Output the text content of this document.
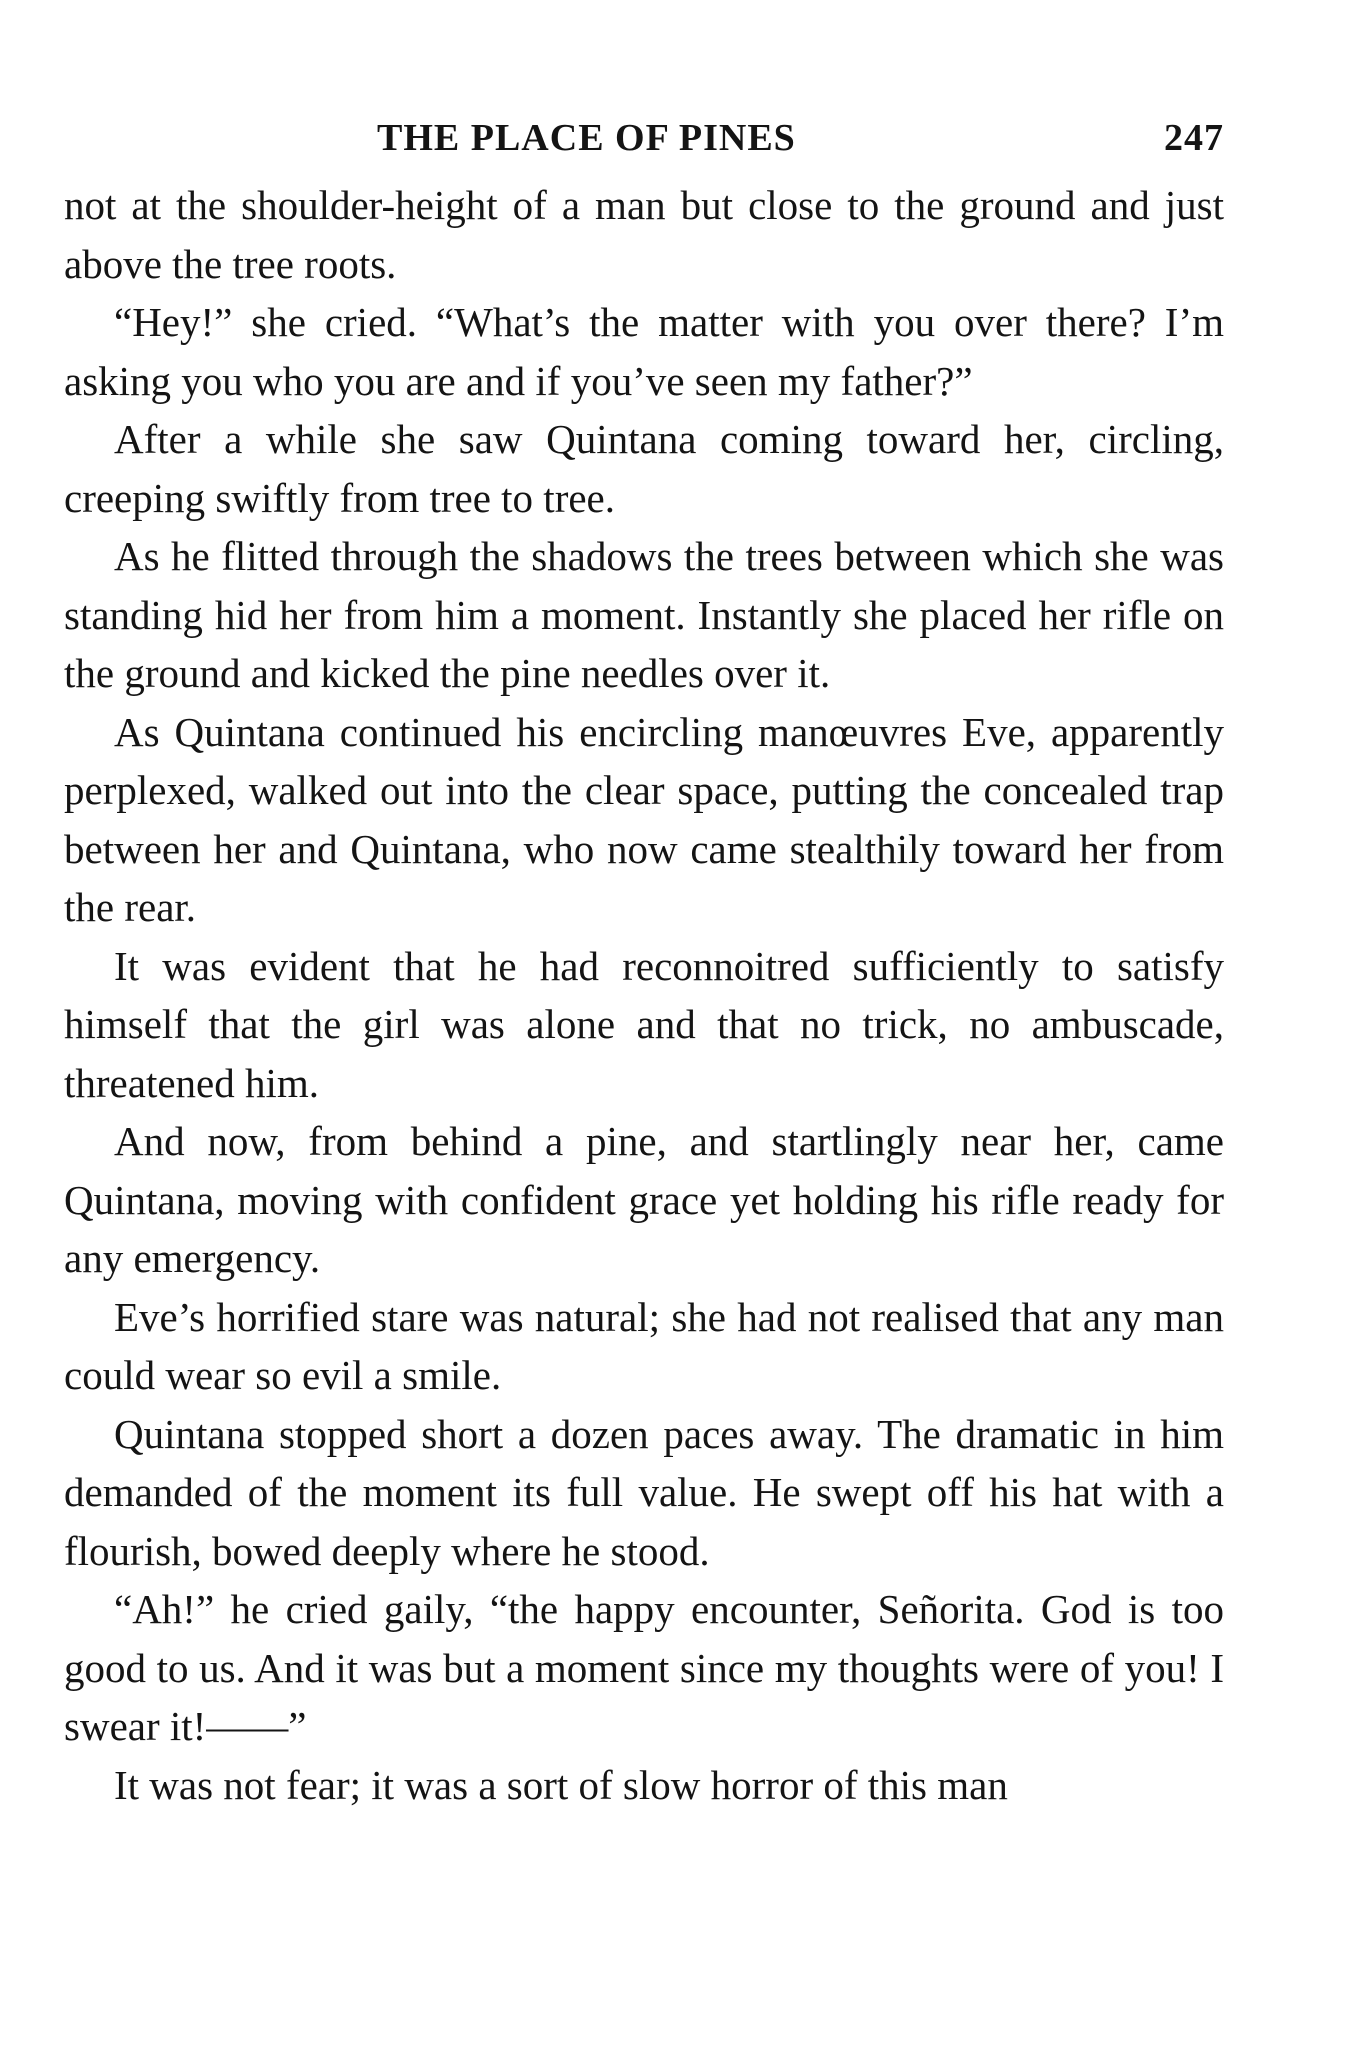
THE PLACE OF PINES	247

not at the shoulder-height of a man but close to the ground and just above the tree roots.

“Hey!” she cried. “What’s the matter with you over there? I’m asking you who you are and if you’ve seen my father?”

After a while she saw Quintana coming toward her, circling, creeping swiftly from tree to tree.

As he flitted through the shadows the trees between which she was standing hid her from him a moment. Instantly she placed her rifle on the ground and kicked the pine needles over it.

As Quintana continued his encircling manœuvres Eve, apparently perplexed, walked out into the clear space, putting the concealed trap between her and Quintana, who now came stealthily toward her from the rear.

It was evident that he had reconnoitred sufficiently to satisfy himself that the girl was alone and that no trick, no ambuscade, threatened him.

And now, from behind a pine, and startlingly near her, came Quintana, moving with confident grace yet holding his rifle ready for any emergency.

Eve’s horrified stare was natural; she had not realised that any man could wear so evil a smile.

Quintana stopped short a dozen paces away. The dramatic in him demanded of the moment its full value. He swept off his hat with a flourish, bowed deeply where he stood.

“Ah!” he cried gaily, “the happy encounter, Señorita. God is too good to us. And it was but a moment since my thoughts were of you! I swear it!——”

It was not fear; it was a sort of slow horror of this man
